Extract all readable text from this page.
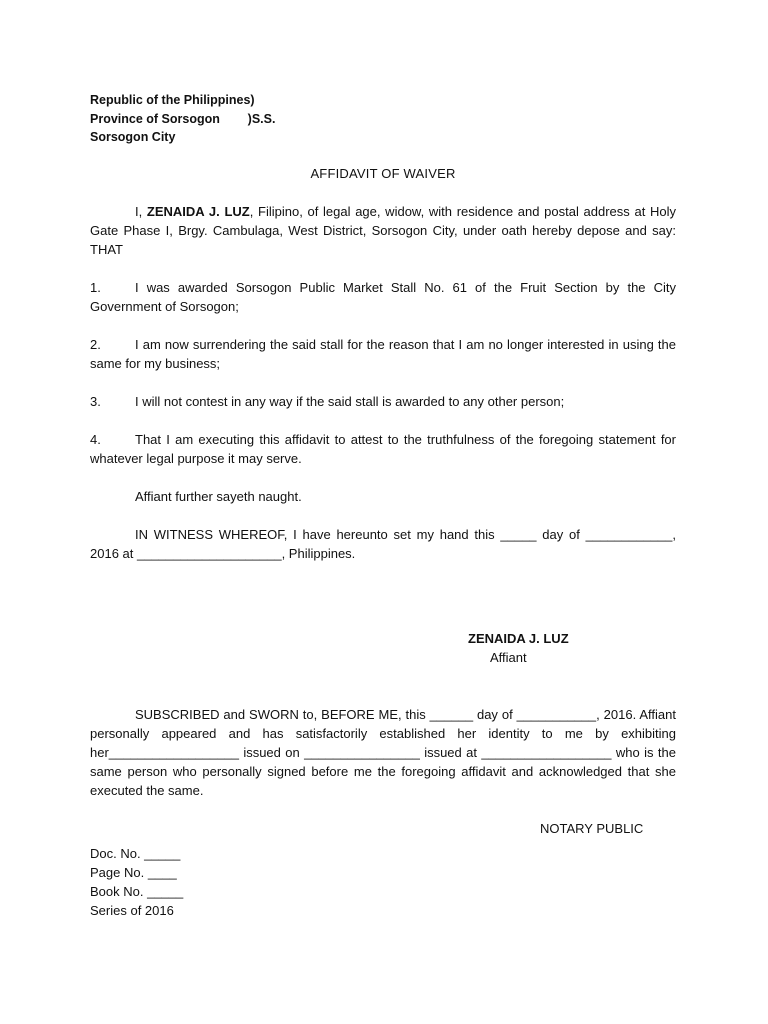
Republic of the Philippines)
Province of Sorsogon        )S.S.
Sorsogon City
AFFIDAVIT OF WAIVER

I, ZENAIDA J. LUZ, Filipino, of legal age, widow, with residence and postal address at Holy Gate Phase I, Brgy. Cambulaga, West District, Sorsogon City, under oath hereby depose and say: THAT

1.	I was awarded Sorsogon Public Market Stall No. 61 of the Fruit Section by the City Government of Sorsogon;

2.	I am now surrendering the said stall for the reason that I am no longer interested in using the same for my business;

3.	I will not contest in any way if the said stall is awarded to any other person;

4.	That I am executing this affidavit to attest to the truthfulness of the foregoing statement for whatever legal purpose it may serve.

Affiant further sayeth naught.

IN WITNESS WHEREOF, I have hereunto set my hand this _____ day of ____________, 2016 at ____________________, Philippines.

ZENAIDA J. LUZ
Affiant

SUBSCRIBED and SWORN to, BEFORE ME, this ______ day of ___________, 2016. Affiant personally appeared and has satisfactorily established her identity to me by exhibiting her__________________ issued on ________________ issued at __________________ who is the same person who personally signed before me the foregoing affidavit and acknowledged that she executed the same.

NOTARY PUBLIC
Doc. No. _____
Page No. ____
Book No. _____
Series of 2016
